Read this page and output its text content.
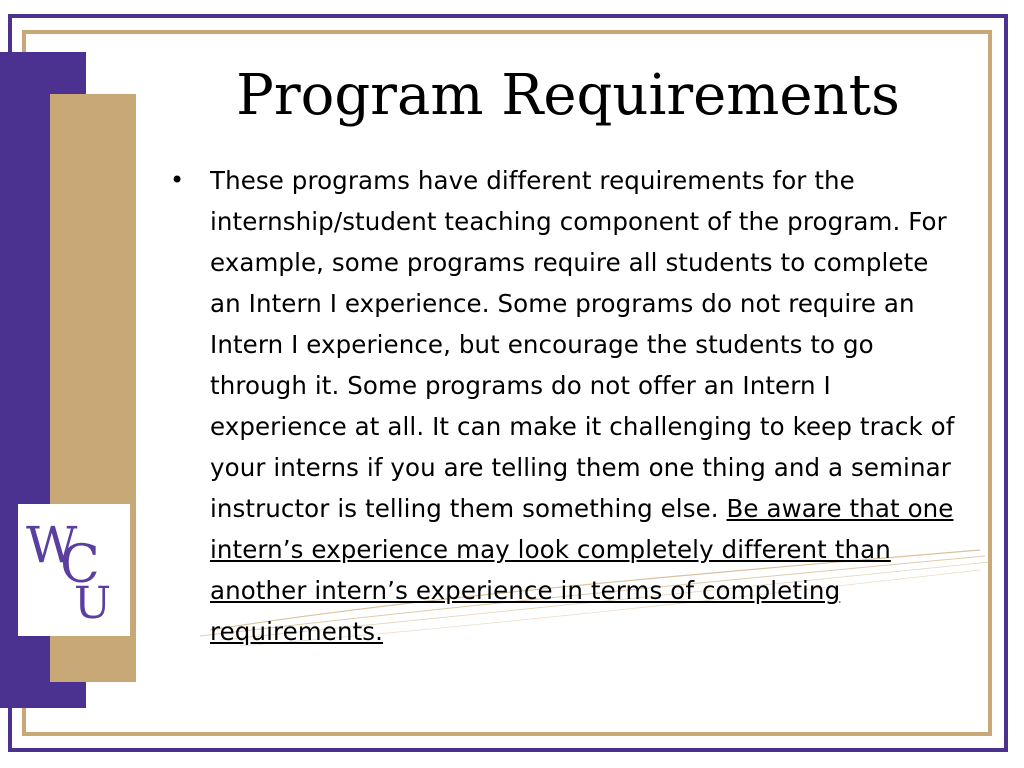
W
C
U
Program Requirements
•	These programs have different requirements for the internship/student teaching component of the program. For example, some programs require all students to complete an Intern I experience. Some programs do not require an Intern I experience, but encourage the students to go through it. Some programs do not offer an Intern I experience at all. It can make it challenging to keep track of your interns if you are telling them one thing and a seminar instructor is telling them something else. Be aware that one intern’s experience may look completely different than another intern’s experience in terms of completing requirements.
